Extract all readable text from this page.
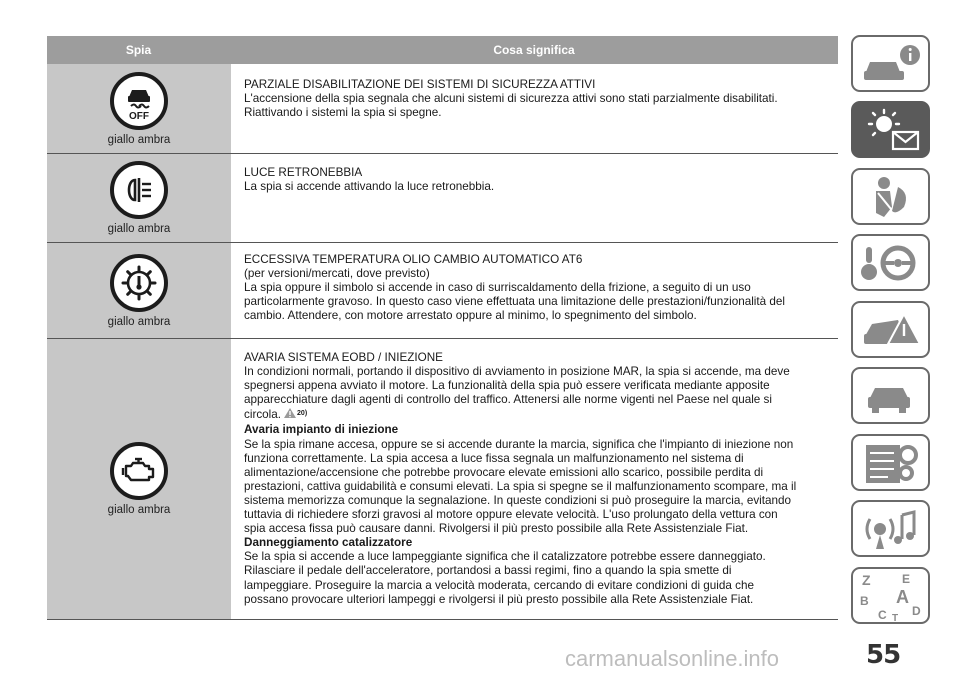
Spia	Cosa significa
OFF
giallo ambra

PARZIALE DISABILITAZIONE DEI SISTEMI DI SICUREZZA ATTIVI

L'accensione della spia segnala che alcuni sistemi di sicurezza attivi sono stati parzialmente disabilitati.

Riattivando i sistemi la spia si spegne.

giallo ambra

LUCE RETRONEBBIA

La spia si accende attivando la luce retronebbia.

giallo ambra

ECCESSIVA TEMPERATURA OLIO CAMBIO AUTOMATICO AT6

(per versioni/mercati, dove previsto)

La spia oppure il simbolo si accende in caso di surriscaldamento della frizione, a seguito di un uso

particolarmente gravoso. In questo caso viene effettuata una limitazione delle prestazioni/funzionalità del

cambio. Attendere, con motore arrestato oppure al minimo, lo spegnimento del simbolo.

giallo ambra

AVARIA SISTEMA EOBD / INIEZIONE

In condizioni normali, portando il dispositivo di avviamento in posizione MAR, la spia si accende, ma deve

spegnersi appena avviato il motore. La funzionalità della spia può essere verificata mediante apposite

apparecchiature dagli agenti di controllo del traffico. Attenersi alle norme vigenti nel Paese nel quale si

circola. $^{20)}$

Avaria impianto di iniezione

Se la spia rimane accesa, oppure se si accende durante la marcia, significa che l'impianto di iniezione non

funziona correttamente. La spia accesa a luce fissa segnala un malfunzionamento nel sistema di

alimentazione/accensione che potrebbe provocare elevate emissioni allo scarico, possibile perdita di

prestazioni, cattiva guidabilità e consumi elevati. La spia si spegne se il malfunzionamento scompare, ma il

sistema memorizza comunque la segnalazione. In queste condizioni si può proseguire la marcia, evitando

tuttavia di richiedere sforzi gravosi al motore oppure elevate velocità. L'uso prolungato della vettura con

spia accesa fissa può causare danni. Rivolgersi il più presto possibile alla Rete Assistenziale Fiat.

Danneggiamento catalizzatore

Se la spia si accende a luce lampeggiante significa che il catalizzatore potrebbe essere danneggiato.

Rilasciare il pedale dell'acceleratore, portandosi a bassi regimi, fino a quando la spia smette di

lampeggiare. Proseguire la marcia a velocità moderata, cercando di evitare condizioni di guida che

possano provocare ulteriori lampeggi e rivolgersi il più presto possibile alla Rete Assistenziale Fiat.

Z	E
B A
C D
T
55
carmanualsonline.info
